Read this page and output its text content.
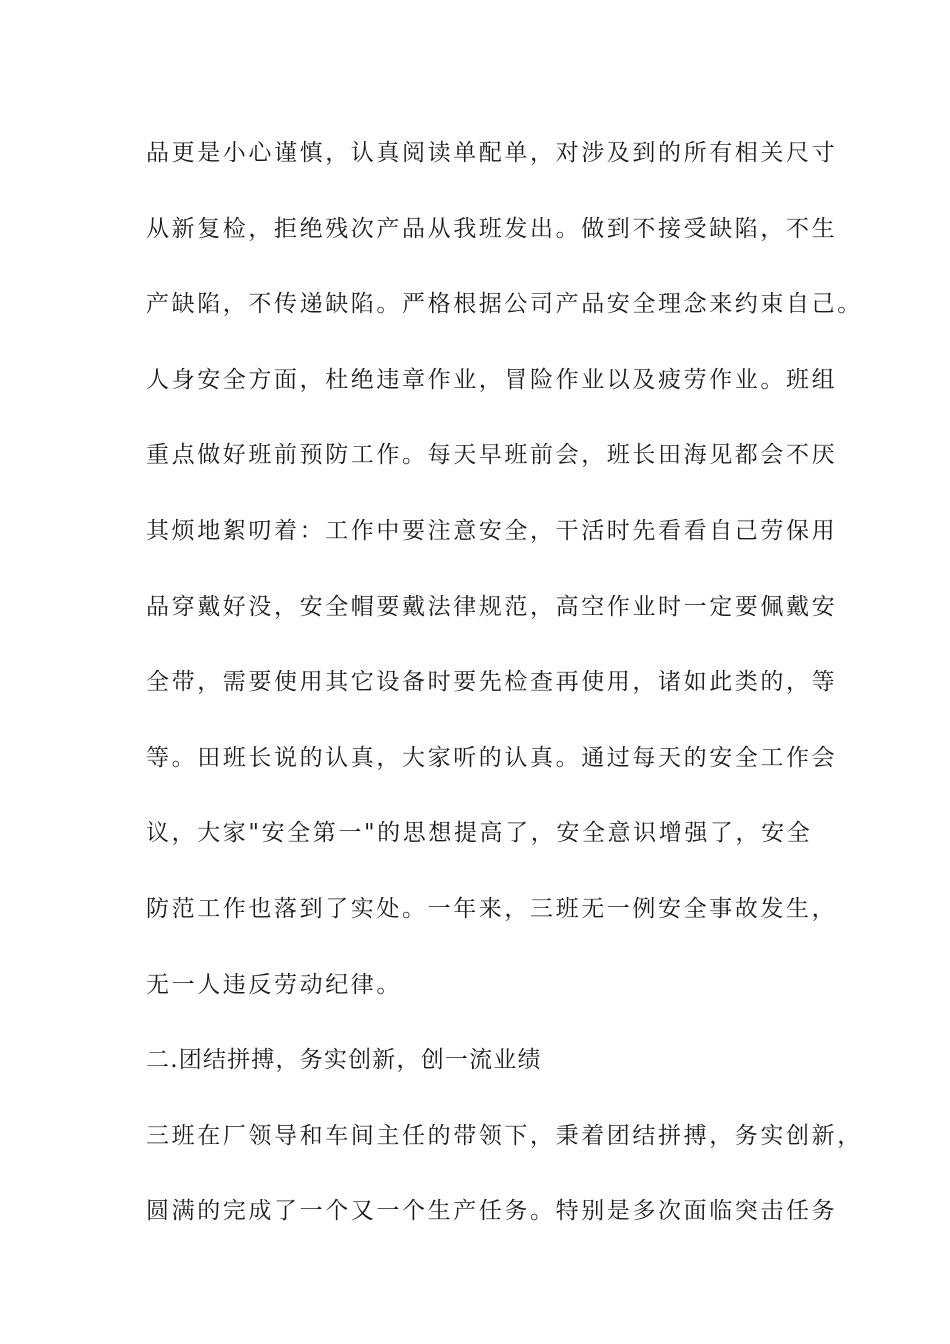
品更是小心谨慎，认真阅读单配单，对涉及到的所有相关尺寸

从新复检，拒绝残次产品从我班发出。做到不接受缺陷，不生

产缺陷，不传递缺陷。严格根据公司产品安全理念来约束自己。

人身安全方面，杜绝违章作业，冒险作业以及疲劳作业。班组

重点做好班前预防工作。每天早班前会，班长田海见都会不厌

其烦地絮叨着：工作中要注意安全，干活时先看看自己劳保用

品穿戴好没，安全帽要戴法律规范，高空作业时一定要佩戴安

全带，需要使用其它设备时要先检查再使用，诸如此类的，等

等。田班长说的认真，大家听的认真。通过每天的安全工作会

议，大家"安全第一"的思想提高了，安全意识增强了，安全

防范工作也落到了实处。一年来，三班无一例安全事故发生，

无一人违反劳动纪律。

二.团结拼搏，务实创新，创一流业绩

三班在厂领导和车间主任的带领下，秉着团结拼搏，务实创新，

圆满的完成了一个又一个生产任务。特别是多次面临突击任务
